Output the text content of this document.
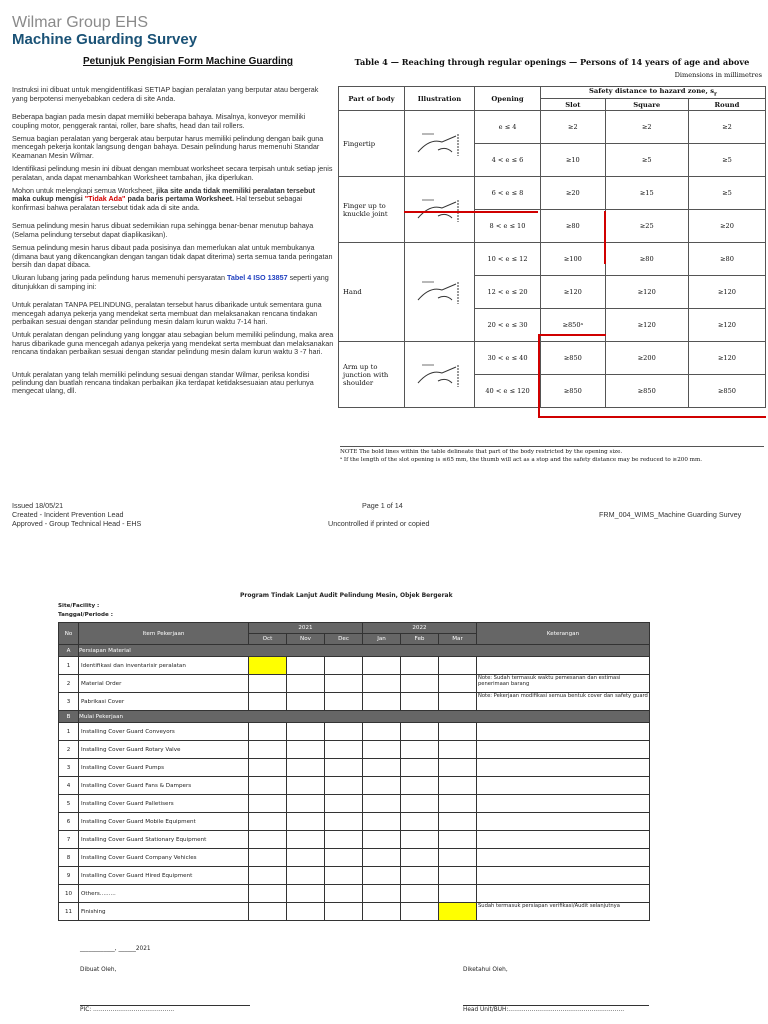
Wilmar Group EHS
Machine Guarding Survey
Petunjuk Pengisian Form Machine Guarding

Instruksi ini dibuat untuk mengidentifikasi SETIAP bagian peralatan yang berputar atau bergerak yang berpotensi menyebabkan cedera di site Anda.

Beberapa bagian pada mesin dapat memiliki beberapa bahaya. Misalnya, konveyor memiliki coupling motor, penggerak rantai, roller, bare shafts, head dan tail rollers.

Semua bagian peralatan yang bergerak atau berputar harus memiliki pelindung dengan baik guna mencegah pekerja kontak langsung dengan bahaya. Desain pelindung harus memenuhi Standar Keamanan Mesin Wilmar.

Identifikasi pelindung mesin ini dibuat dengan membuat worksheet secara terpisah untuk setiap jenis peralatan, anda dapat menambahkan Worksheet tambahan, jika diperlukan.

Mohon untuk melengkapi semua Worksheet, jika site anda tidak memiliki peralatan tersebut maka cukup mengisi "Tidak Ada" pada baris pertama Worksheet. Hal tersebut sebagai konfirmasi bahwa peralatan tersebut tidak ada di site anda.

Semua pelindung mesin harus dibuat sedemikian rupa sehingga benar-benar menutup bahaya (Selama pelindung tersebut dapat diaplikasikan).

Semua pelindung mesin harus dibaut pada posisinya dan memerlukan alat untuk membukanya (dimana baut yang dikencangkan dengan tangan tidak dapat diterima) serta semua tanda peringatan bersih dan dapat dibaca.

Ukuran lubang jaring pada pelindung harus memenuhi persyaratan Tabel 4 ISO 13857 seperti yang ditunjukkan di samping ini:

Untuk peralatan TANPA PELINDUNG, peralatan tersebut harus dibarikade untuk sementara guna mencegah adanya pekerja yang mendekat serta membuat dan melaksanakan rencana tindakan perbaikan sesuai dengan standar pelindung mesin dalam kurun waktu 7-14 hari.

Untuk peralatan dengan pelindung yang longgar atau sebagian belum memiliki pelindung, maka area harus dibarikade guna mencegah adanya pekerja yang mendekat serta membuat dan melaksanakan rencana tindakan perbaikan sesuai dengan standar pelindung mesin dalam kurun waktu 3 -7 hari.

Untuk peralatan yang telah memiliki pelindung sesuai dengan standar Wilmar, periksa kondisi pelindung dan buatlah rencana tindakan perbaikan jika terdapat ketidaksesuaian atau perlunya mengecat ulang, dll.

Table 4 — Reaching through regular openings — Persons of 14 years of age and above
Dimensions in millimetres
Part of body	Illustration	Opening	Safety distance to hazard zone, $s_r$
			Slot	Square	Round
Fingertip		e ≤ 4	≥2	≥2	≥2
		4 < e ≤ 6	≥10	≥5	≥5
Finger up to knuckle joint		6 < e ≤ 8	≥20	≥15	≥5
		8 < e ≤ 10	≥80	≥25	≥20
Hand		10 < e ≤ 12	≥100	≥80	≥80
		12 < e ≤ 20	≥120	≥120	≥120
		20 < e ≤ 30	≥850ᵃ	≥120	≥120
Arm up to junction with shoulder		30 < e ≤ 40	≥850	≥200	≥120
		40 < e ≤ 120	≥850	≥850	≥850
NOTE The bold lines within the table delineate that part of the body restricted by the opening size.
ᵃ If the length of the slot opening is ≤65 mm, the thumb will act as a stop and the safety distance may be reduced to ≥200 mm.
Issued 18/05/21
Created - Incident Prevention Lead
Approved - Group Technical Head - EHS
Page 1 of 14
Uncontrolled if printed or copied
FRM_004_WIMS_Machine Guarding Survey
Program Tindak Lanjut Audit Pelindung Mesin, Objek Bergerak
Site/Facility :
Tanggal/Periode :
No	Item Pekerjaan	2021			2022			Keterangan
		Oct	Nov	Dec	Jan	Feb	Mar	
A	Persiapan Material							
1	Identifikasi dan inventarisir peralatan							
2	Material Order							Note: Sudah termasuk waktu pemesanan dan estimasi penerimaan barang
3	Pabrikasi Cover							Note: Pekerjaan modifikasi semua bentuk cover dan safety guard
B	Mulai Pekerjaan							
1	Installing Cover Guard Conveyors							
2	Installing Cover Guard Rotary Valve							
3	Installing Cover Guard Pumps							
4	Installing Cover Guard Fans & Dampers							
5	Installing Cover Guard Palletisers							
6	Installing Cover Guard Mobile Equipment							
7	Installing Cover Guard Stationary Equipment							
8	Installing Cover Guard Company Vehicles							
9	Installing Cover Guard Hired Equipment							
10	Others.........							
11	Finishing							Sudah termasuk persiapan verifikasi/Audit selanjutnya
____________, ______2021
Dibuat Oleh,	Diketahui Oleh,
PIC: ……………………………………	Head Unit/BUH:……………………………………………………
